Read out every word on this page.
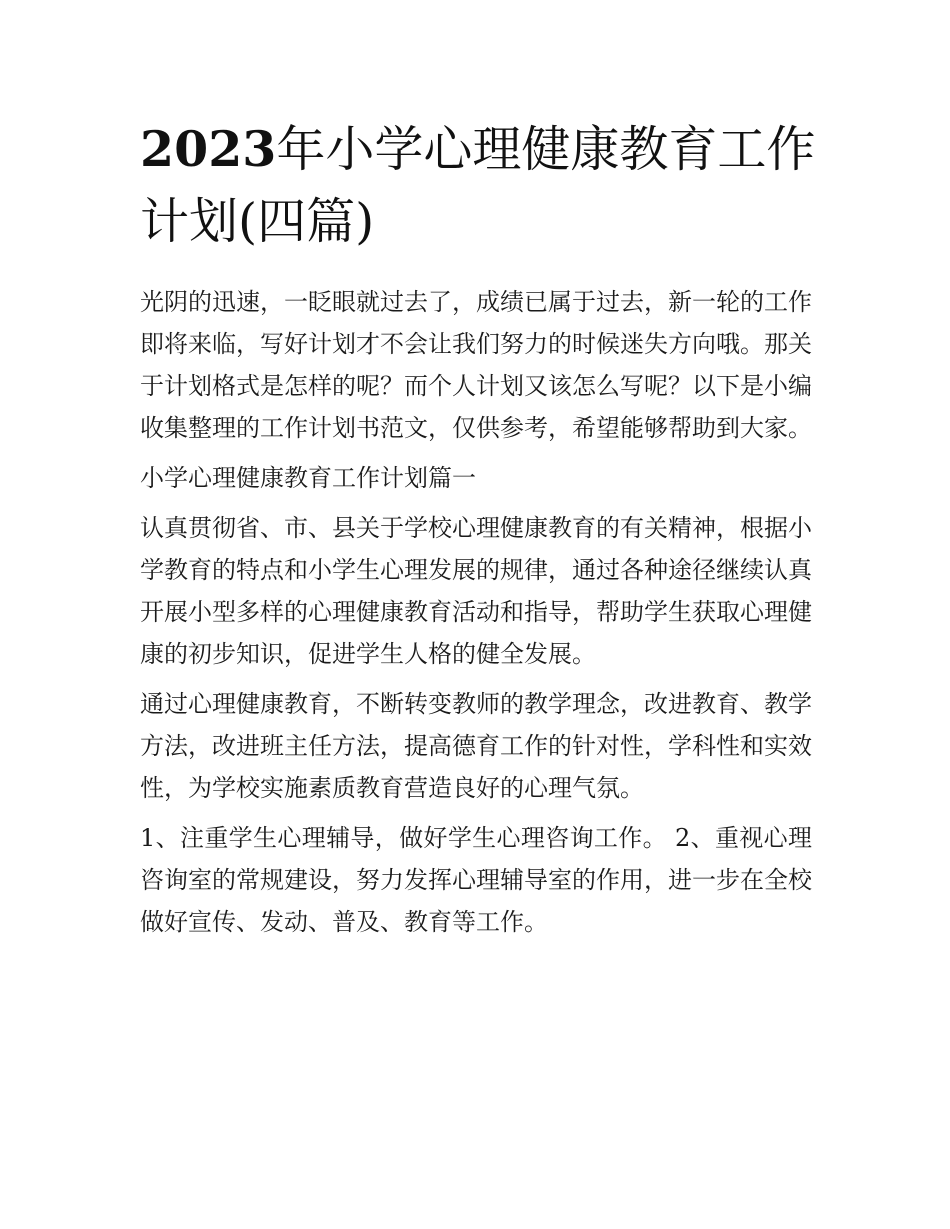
2023年小学心理健康教育工作计划(四篇)

光阴的迅速，一眨眼就过去了，成绩已属于过去，新一轮的工作即将来临，写好计划才不会让我们努力的时候迷失方向哦。那关于计划格式是怎样的呢？而个人计划又该怎么写呢？以下是小编收集整理的工作计划书范文，仅供参考，希望能够帮助到大家。

小学心理健康教育工作计划篇一

认真贯彻省、市、县关于学校心理健康教育的有关精神，根据小学教育的特点和小学生心理发展的规律，通过各种途径继续认真开展小型多样的心理健康教育活动和指导，帮助学生获取心理健康的初步知识，促进学生人格的健全发展。

通过心理健康教育，不断转变教师的教学理念，改进教育、教学方法，改进班主任方法，提高德育工作的针对性，学科性和实效性，为学校实施素质教育营造良好的心理气氛。

1、注重学生心理辅导，做好学生心理咨询工作。 2、重视心理咨询室的常规建设，努力发挥心理辅导室的作用，进一步在全校做好宣传、发动、普及、教育等工作。
